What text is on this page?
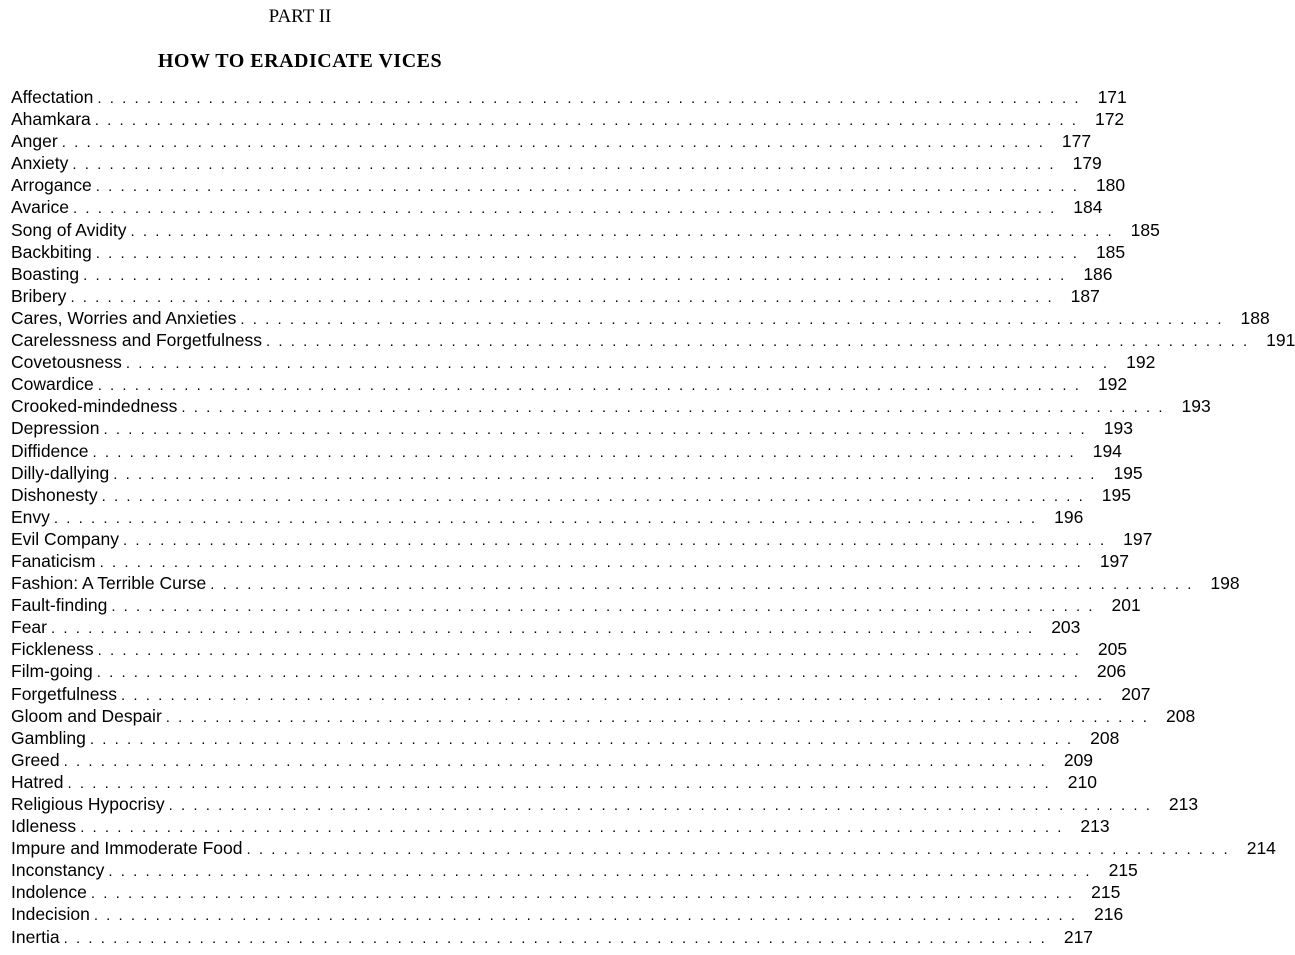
PART II
HOW TO ERADICATE VICES
Affectation ................................................................................ 171
Ahamkara ................................................................................ 172
Anger ................................................................................ 177
Anxiety ................................................................................ 179
Arrogance ................................................................................ 180
Avarice ................................................................................ 184
Song of Avidity ................................................................................ 185
Backbiting ................................................................................ 185
Boasting ................................................................................ 186
Bribery ................................................................................ 187
Cares, Worries and Anxieties ................................................................................ 188
Carelessness and Forgetfulness ................................................................................ 191
Covetousness ................................................................................ 192
Cowardice ................................................................................ 192
Crooked-mindedness ................................................................................ 193
Depression ................................................................................ 193
Diffidence ................................................................................ 194
Dilly-dallying ................................................................................ 195
Dishonesty ................................................................................ 195
Envy ................................................................................ 196
Evil Company ................................................................................ 197
Fanaticism ................................................................................ 197
Fashion: A Terrible Curse ................................................................................ 198
Fault-finding ................................................................................ 201
Fear ................................................................................ 203
Fickleness ................................................................................ 205
Film-going ................................................................................ 206
Forgetfulness ................................................................................ 207
Gloom and Despair ................................................................................ 208
Gambling ................................................................................ 208
Greed ................................................................................ 209
Hatred ................................................................................ 210
Religious Hypocrisy ................................................................................ 213
Idleness ................................................................................ 213
Impure and Immoderate Food ................................................................................ 214
Inconstancy ................................................................................ 215
Indolence ................................................................................ 215
Indecision ................................................................................ 216
Inertia ................................................................................ 217
